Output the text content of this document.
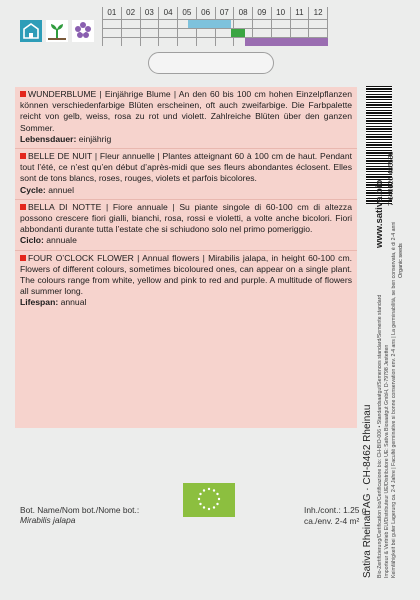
01	02	03	04	05	06	07	08	09	10	11	12

WUNDERBLUME | Einjährige Blume | An den 60 bis 100 cm hohen Einzelpflanzen können verschiedenfarbige Blüten erscheinen, oft auch zweifarbige. Die Farbpalette reicht von gelb, weiss, rosa zu rot und violett. Zahlreiche Blüten über den ganzen Sommer.

Lebensdauer: einjährig

BELLE DE NUIT | Fleur annuelle | Plantes atteignant 60 à 100 cm de haut. Pendant tout l’été, ce n’est qu’en début d’après-midi que ses fleurs abondantes éclosent. Elles sont de tons blancs, roses, rouges, violets et parfois bicolores.

Cycle: annuel

BELLA DI NOTTE | Fiore annuale | Su piante singole di 60-100 cm di altezza possono crescere fiori gialli, bianchi, rosa, rossi e violetti, a volte anche bicolori. Fiori abbondanti durante tutta l’estate che si schiudono solo nel primo pomeriggio.

Ciclo: annuale

FOUR O’CLOCK FLOWER | Annual flowers | Mirabilis jalapa, in height 60-100 cm. Flowers of different colours, sometimes bicoloured ones, can appear on a single plant. The colours range from white, yellow and pink to red and purple. A multitude of flowers all summer long.

Lifespan: annual

7 640126 486536
Organic seeds
www.sativa.bio
Sativa Rheinau AG · CH-8462 Rheinau Bio-Zertifizierung/Certification bio/Certificazione bio: CH-BIO-006 • Standardsaatgut/Semences standard/Semente standard Importeur & Vertrieb EU/Distributeur UE/Distributore UE: Sativa Biosaatgut GmbH, D-79798 Jestetten Keimfähigkeit bei guter Lagerung ca. 2-4 Jahre | Faculté germinative si bonne conservation env. 2-4 ans | La germinabilità, se ben conservata, è di 2-4 anni
Bot. Name/Nom bot./Nome bot.:
Mirabilis jalapa
Inh./cont.: 1.25 g
ca./env. 2-4 m²
